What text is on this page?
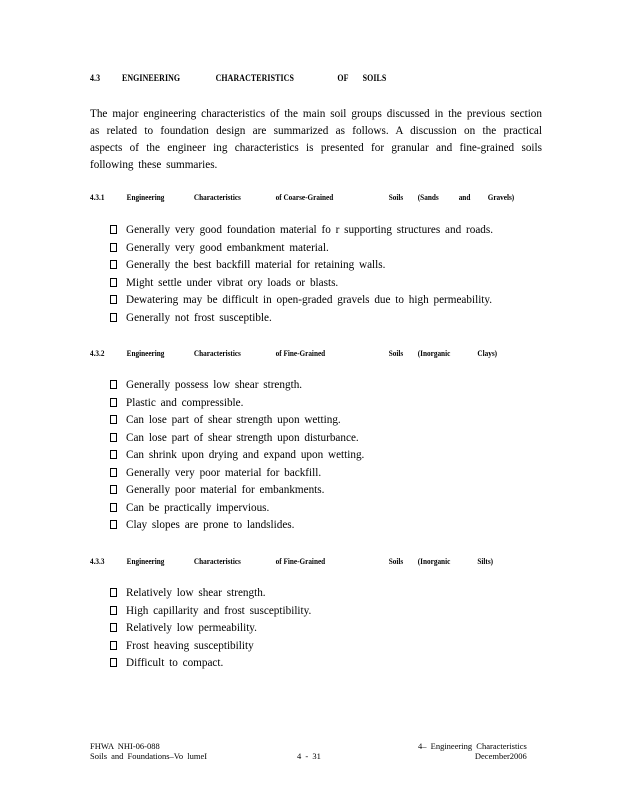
4.3 ENGINEERING	CHARACTERISTICS	OF SOILS

The major engineering characteristics of the main soil groups discussed in the previous section as related to foundation design are summarized as follows. A discussion on the practical aspects of the engineer ing characteristics is presented for granular and fine-grained soils following these summaries.

4.3.1	Engineering	Characteristics	of Coarse-Grained	Soils (Sands and Gravels)
Generally very good foundation material fo r supporting structures and roads.
Generally very good embankment material.
Generally the best backfill material for retaining walls.
Might settle under vibrat ory loads or blasts.
Dewatering may be difficult in open-graded gravels due to high permeability.
Generally not frost susceptible.
4.3.2	Engineering	Characteristics	of Fine-Grained	Soils (Inorganic	Clays)
Generally possess low shear strength.
Plastic and compressible.
Can lose part of shear strength upon wetting.
Can lose part of shear strength upon disturbance.
Can shrink upon drying and expand upon wetting.
Generally very poor material for backfill.
Generally poor material for embankments.
Can be practically impervious.
Clay slopes are prone to landslides.
4.3.3	Engineering	Characteristics	of Fine-Grained	Soils (Inorganic	Silts)
Relatively low shear strength.
High capillarity and frost susceptibility.
Relatively low permeability.
Frost heaving susceptibility
Difficult to compact.
FHWA NHI-06-088
Soils and Foundations–Vo lumeI	4 - 31
4– Engineering Characteristics
December2006
